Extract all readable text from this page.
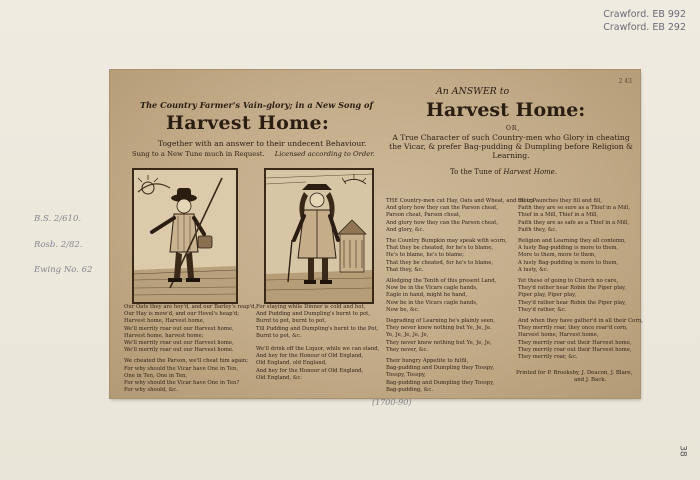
Crawford. EB 992
Crawford. EB 292
B.S. 2/610.
Rosb. 2/82.
Ewing No. 62
(1700-90)
38
2 43
The Country Farmer's Vain-glory; in a New Song of
Harvest Home:
Together with an answer to their undecent Behaviour.
Sung to a New Tune much in Request. Licensed according to Order.
Our Oats they are hoy'd, and our Barley's reap'd,
Our Hay is mow'd, and our Hovel's heap'd;
Harvest home, Harvest home,
We'll merrily roar out our Harvest home,
Harvest home, harvest home;
We'll merrily roar out our Harvest home,
We'll merrily roar out our Harvest home.
We cheated the Parson, we'll cheat him again;
For why should the Vicar have One in Ten,
One in Ten, One in Ten,
For why should the Vicar have One in Ten?
For why should, &c.
For staying while Dinner is cold and hot,
And Pudding and Dumpling's burnt to pot,
Burnt to pot, burnt to pot,
Till Pudding and Dumpling's burnt to the Pot,
Burnt to pot, &c.
We'll drink off the Liquor, while we can stand,
And hey for the Honour of Old England,
Old England, old England,
And hey for the Honour of Old England,
Old England, &c.
An ANSWER to
Harvest Home:
OR,
A True Character of such Country-men who Glory in cheating the Vicar, & prefer Bag-pudding & Dumpling before Religion & Learning.
To the Tune of Harvest Home.
THE Country-men cut Hay, Oats and Wheat, and fill up
And glory how they can the Parson cheat,
Parson cheat, Parson cheat,
And glory how they can the Parson cheat,
And glory, &c.
The Country Bumpkin may speak with scorn,
That they be cheated, for he's to blame,
He's to blame, he's to blame;
That they be cheated, for he's to blame,
That they, &c.
Alledging the Tenth of this present Land,
Now be in the Vicars cagle hands,
Eagle in hand, might he hand,
Now be in the Vicars cagle hands,
Now be, &c.
Degrading of Learning he's plainly seen,
They never knew nothing but Ye, Je, Je.
Ye, Je, Je, Je, Je,
They never knew nothing but Ye, Je, Je,
They never, &c.
Their hungry Appetite to fulfil,
Bag-pudding and Dumpling they Tosspy,
Tosspy, Tosspy,
Bag-pudding and Dumpling they Tosspy,
Bag-pudding, &c.
their Paunches they fill and fill,
Faith they are so sure as a Thief in a Mill,
Thief in a Mill, Thief in a Mill,
Faith they are as safe as a Thief in a Mill,
Faith they, &c.
Religion and Learning they all contemn,
A lusty Bag-pudding is more to them,
More to them, more to them,
A lusty Bag-pudding is more to them,
A lusty, &c.
Yet these of going to Church no care,
They'd rather hear Robin the Piper play,
Piper play, Piper play,
They'd rather hear Robin the Piper play,
They'd rather, &c.
And when they have gather'd in all their Corn,
They merrily roar, they once roar'd corn,
Harvest home, Harvest home,
They merrily roar out their Harvest home,
They merrily roar out their Harvest home,
They merrily roar, &c.
Printed for P. Brooksby, J. Deacon, J. Blare,
and J. Back.
